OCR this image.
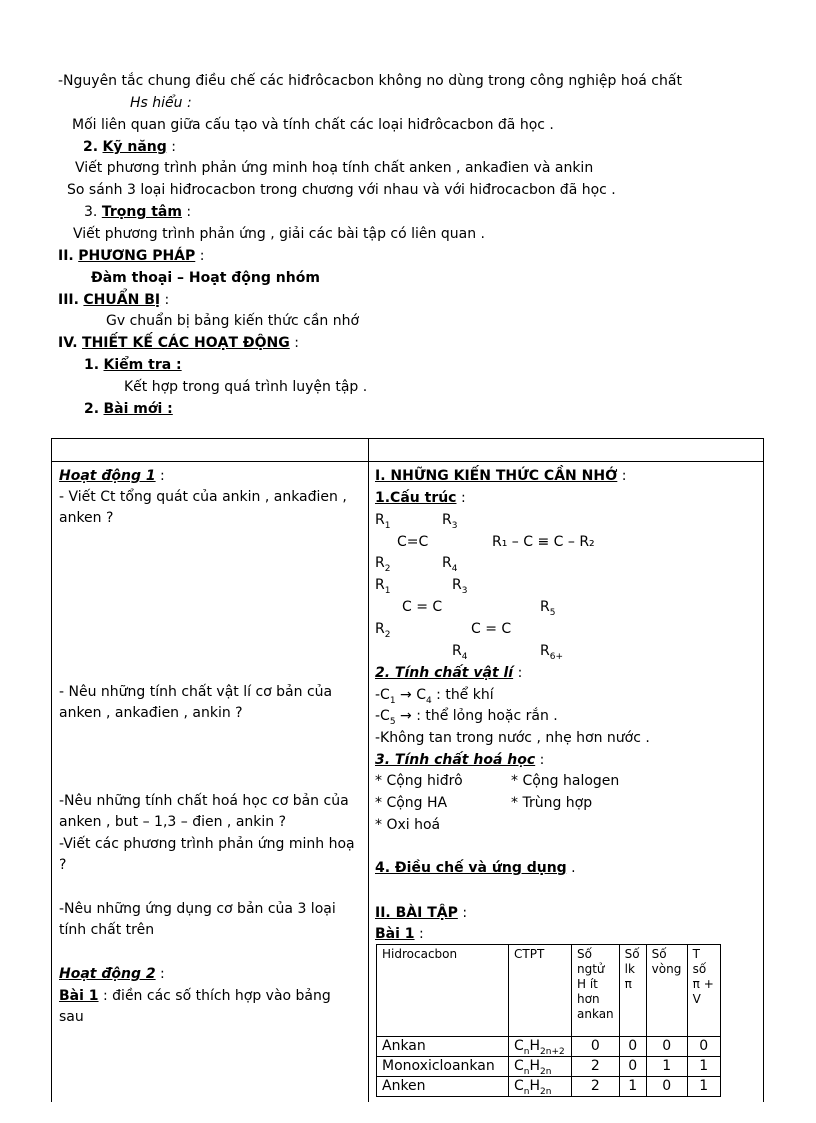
-Nguyên tắc chung điều chế các hiđrôcacbon không no dùng trong công nghiệp hoá chất
Hs hiểu :
Mối liên quan giữa cấu tạo và tính chất các loại hiđrôcacbon đã học .
2. Kỹ năng :
Viết phương trình phản ứng minh hoạ tính chất anken , ankađien và ankin
So sánh 3 loại hiđrocacbon trong chương với nhau và với hiđrocacbon đã học .
3. Trọng tâm :
Viết phương trình phản ứng , giải các bài tập có liên quan .
II. PHƯƠNG PHÁP :
Đàm thoại – Hoạt động nhóm
III. CHUẨN BỊ :
Gv chuẩn bị bảng kiến thức cần nhớ
IV. THIẾT KẾ CÁC HOẠT ĐỘNG :
1. Kiểm tra :
Kết hợp trong quá trình luyện tập .
2. Bài mới :
Hoạt động 1 :
- Viết Ct tổng quát của ankin , ankađien , anken ?
- Nêu những tính chất vật lí cơ bản của anken , ankađien , ankin ?
-Nêu những tính chất hoá học cơ bản của anken , but – 1,3 – đien , ankin ?
-Viết các phương trình phản ứng minh hoạ ?
-Nêu những ứng dụng cơ bản của 3 loại tính chất trên
Hoạt động 2 :
Bài 1 : điền các số thích hợp vào bảng sau
I. NHỮNG KIẾN THỨC CẦN NHỚ :
1.Cấu trúc :
$R_1$	$R_3$
C=C	R₁ – C ≡ C – R₂
$R_2$	$R_4$
$R_1$	$R_3$
C = C	$R_5$
$R_2$	C = C
$R_4$	$R_{6+}$
2. Tính chất vật lí :
$-C_1 \to C_4$ : thể khí
$-C_5$ → : thể lỏng hoặc rắn .
-Không tan trong nước , nhẹ hơn nước .
3. Tính chất hoá học :
* Cộng hiđrô	* Cộng halogen
* Cộng HA	* Trùng hợp
* Oxi hoá
4. Điều chế và ứng dụng .
II. BÀI TẬP :
Bài 1 :
Hidrocacbon	CTPT	Số ngtử H ít hơn ankan	Số lk π	Số vòng	T số π + V
Ankan	$C_nH_{2n+2}$	0	0	0	0
Monoxicloankan	$C_nH_{2n}$	2	0	1	1
Anken	$C_nH_{2n}$	2	1	0	1
